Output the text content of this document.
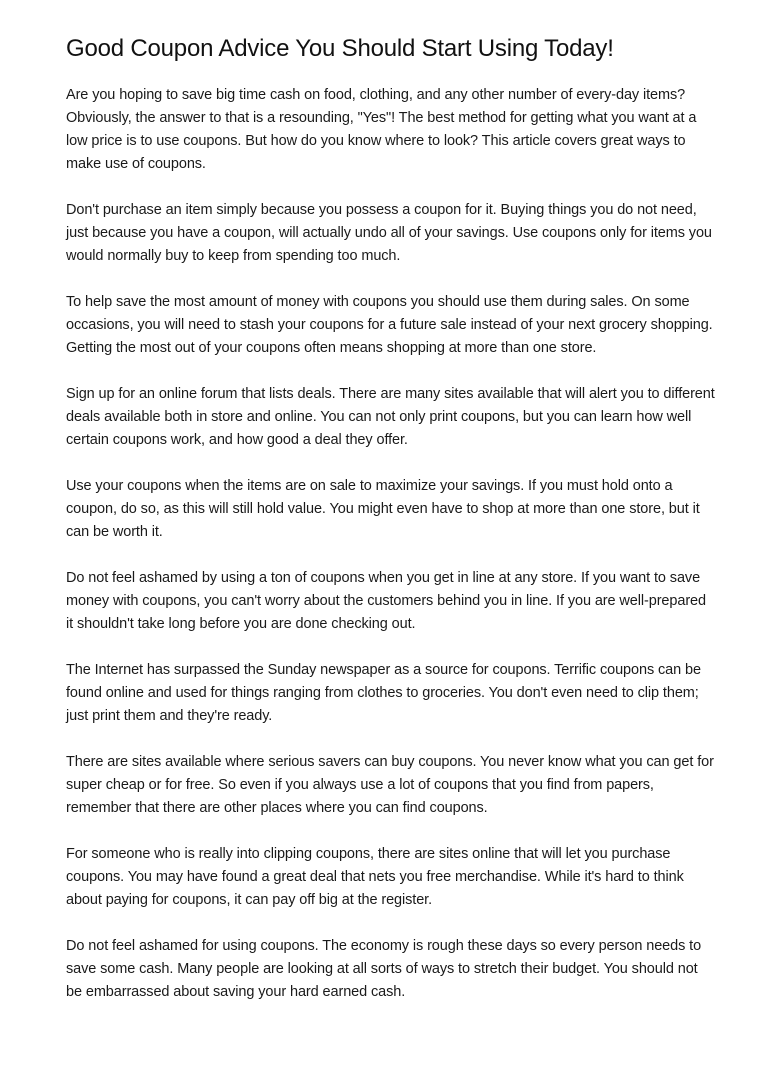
Good Coupon Advice You Should Start Using Today!

Are you hoping to save big time cash on food, clothing, and any other number of every-day items? Obviously, the answer to that is a resounding, "Yes"! The best method for getting what you want at a low price is to use coupons. But how do you know where to look? This article covers great ways to make use of coupons.

Don't purchase an item simply because you possess a coupon for it. Buying things you do not need, just because you have a coupon, will actually undo all of your savings. Use coupons only for items you would normally buy to keep from spending too much.

To help save the most amount of money with coupons you should use them during sales. On some occasions, you will need to stash your coupons for a future sale instead of your next grocery shopping. Getting the most out of your coupons often means shopping at more than one store.

Sign up for an online forum that lists deals. There are many sites available that will alert you to different deals available both in store and online. You can not only print coupons, but you can learn how well certain coupons work, and how good a deal they offer.

Use your coupons when the items are on sale to maximize your savings. If you must hold onto a coupon, do so, as this will still hold value. You might even have to shop at more than one store, but it can be worth it.

Do not feel ashamed by using a ton of coupons when you get in line at any store. If you want to save money with coupons, you can't worry about the customers behind you in line. If you are well-prepared it shouldn't take long before you are done checking out.

The Internet has surpassed the Sunday newspaper as a source for coupons. Terrific coupons can be found online and used for things ranging from clothes to groceries. You don't even need to clip them; just print them and they're ready.

There are sites available where serious savers can buy coupons. You never know what you can get for super cheap or for free. So even if you always use a lot of coupons that you find from papers, remember that there are other places where you can find coupons.

For someone who is really into clipping coupons, there are sites online that will let you purchase coupons. You may have found a great deal that nets you free merchandise. While it's hard to think about paying for coupons, it can pay off big at the register.

Do not feel ashamed for using coupons. The economy is rough these days so every person needs to save some cash. Many people are looking at all sorts of ways to stretch their budget. You should not be embarrassed about saving your hard earned cash.
